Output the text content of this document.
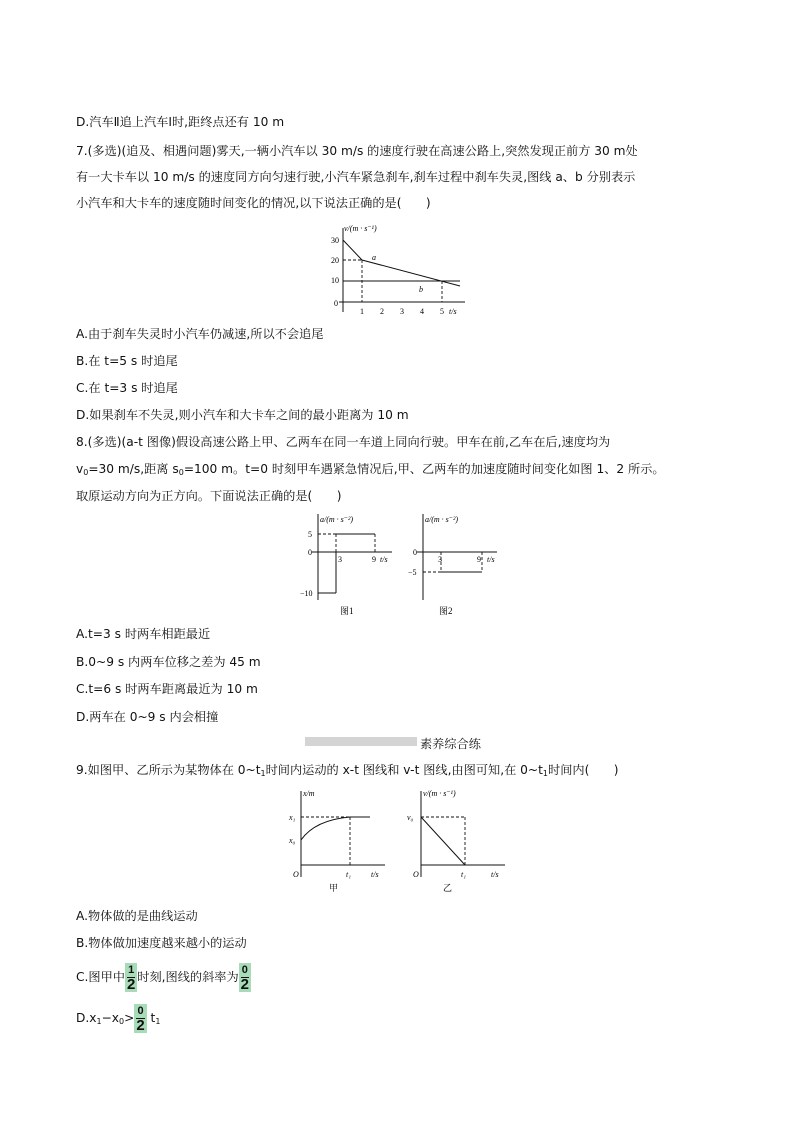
D.汽车Ⅱ追上汽车Ⅰ时,距终点还有 10 m
7.(多选)(追及、相遇问题)雾天,一辆小汽车以 30 m/s 的速度行驶在高速公路上,突然发现正前方 30 m处
有一大卡车以 10 m/s 的速度同方向匀速行驶,小汽车紧急刹车,刹车过程中刹车失灵,图线 a、b 分别表示
小汽车和大卡车的速度随时间变化的情况,以下说法正确的是(　　)
v/(m · s⁻¹)
t/s
30
20
10
0
1 2 3 4 5
a
b
A.由于刹车失灵时小汽车仍减速,所以不会追尾
B.在 t=5 s 时追尾
C.在 t=3 s 时追尾
D.如果刹车不失灵,则小汽车和大卡车之间的最小距离为 10 m
8.(多选)(a-t 图像)假设高速公路上甲、乙两车在同一车道上同向行驶。甲车在前,乙车在后,速度均为
$v_0=30$ m/s,距离 $s_0=100$ m。t=0 时刻甲车遇紧急情况后,甲、乙两车的加速度随时间变化如图 1、2 所示。
取原运动方向为正方向。下面说法正确的是(　　)
a/(m · s⁻²)
t/s
5
0
−10
3	9
图1
a/(m · s⁻²)
t/s
0
−5
3	9
图2
A.t=3 s 时两车相距最近
B.0~9 s 内两车位移之差为 45 m
C.t=6 s 时两车距离最近为 10 m
D.两车在 0~9 s 内会相撞
素养综合练
9.如图甲、乙所示为某物体在 $0\sim t_1$时间内运动的 x-t 图线和 v-t 图线,由图可知,在 $0\sim t_1$时间内(　　)
x/m
t/s
x₁
x₀
O	t₁
甲
v/(m · s⁻¹)
t/s
v₀
O	t₁
乙
A.物体做的是曲线运动
B.物体做加速度越来越小的运动
C.图甲中 $\frac{1}{2}$ 时刻,图线的斜率为 $\frac{0}{2}$
$D.x_1-x_0> \frac{0}{2} t_1$
